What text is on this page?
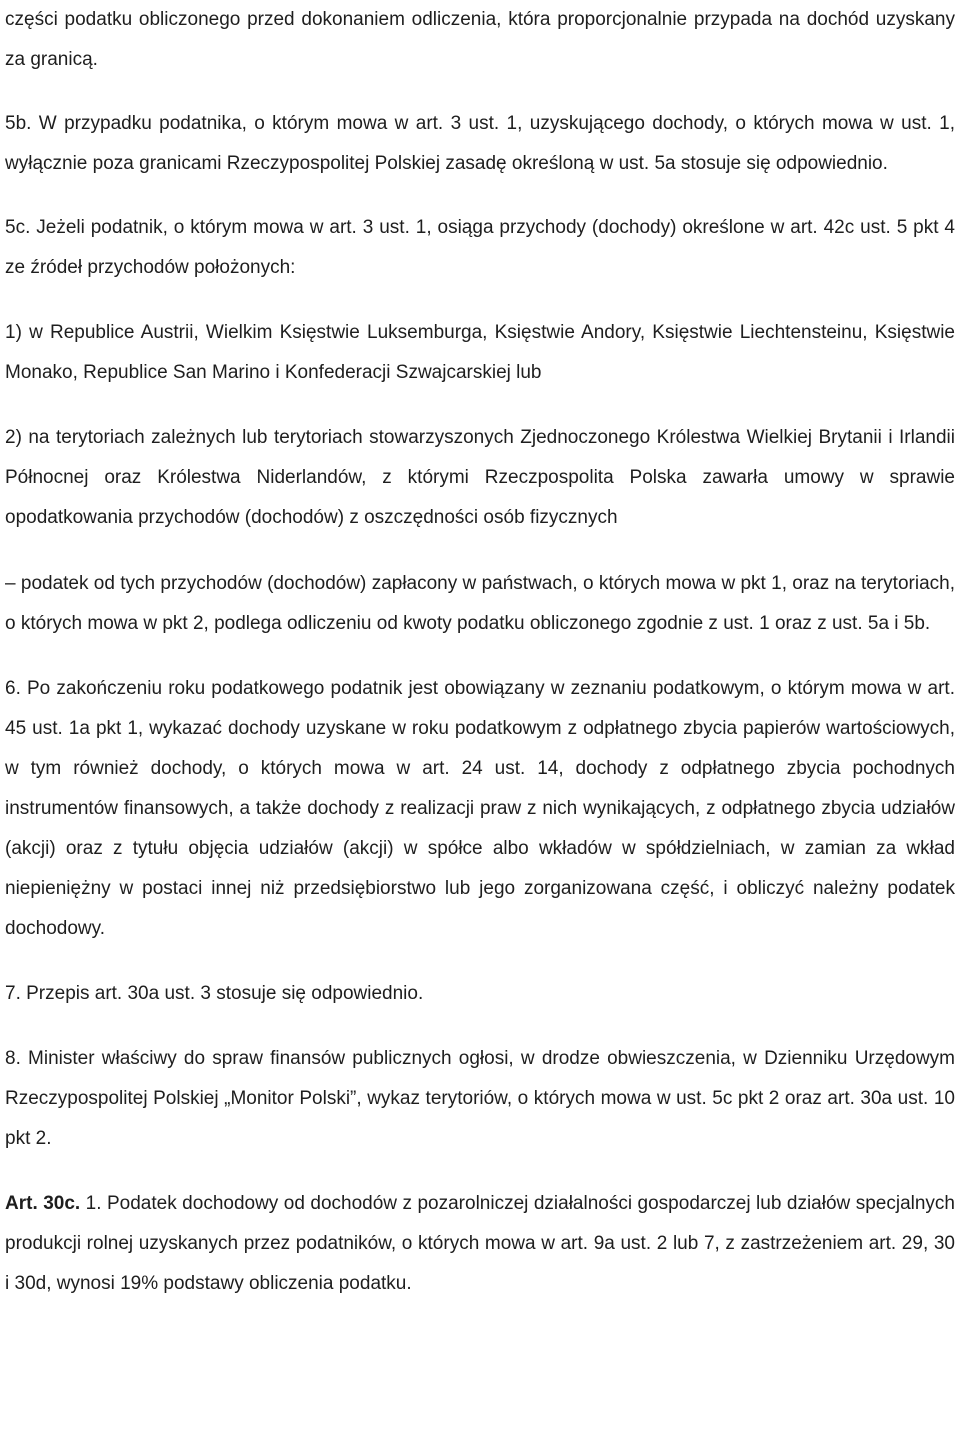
części podatku obliczonego przed dokonaniem odliczenia, która proporcjonalnie przypada na dochód uzyskany za granicą.

5b. W przypadku podatnika, o którym mowa w art. 3 ust. 1, uzyskującego dochody, o których mowa w ust. 1, wyłącznie poza granicami Rzeczypospolitej Polskiej zasadę określoną w ust. 5a stosuje się odpowiednio.

5c. Jeżeli podatnik, o którym mowa w art. 3 ust. 1, osiąga przychody (dochody) określone w art. 42c ust. 5 pkt 4 ze źródeł przychodów położonych:

1) w Republice Austrii, Wielkim Księstwie Luksemburga, Księstwie Andory, Księstwie Liechtensteinu, Księstwie Monako, Republice San Marino i Konfederacji Szwajcarskiej lub

2) na terytoriach zależnych lub terytoriach stowarzyszonych Zjednoczonego Królestwa Wielkiej Brytanii i Irlandii Północnej oraz Królestwa Niderlandów, z którymi Rzeczpospolita Polska zawarła umowy w sprawie opodatkowania przychodów (dochodów) z oszczędności osób fizycznych

– podatek od tych przychodów (dochodów) zapłacony w państwach, o których mowa w pkt 1, oraz na terytoriach, o których mowa w pkt 2, podlega odliczeniu od kwoty podatku obliczonego zgodnie z ust. 1 oraz z ust. 5a i 5b.

6. Po zakończeniu roku podatkowego podatnik jest obowiązany w zeznaniu podatkowym, o którym mowa w art. 45 ust. 1a pkt 1, wykazać dochody uzyskane w roku podatkowym z odpłatnego zbycia papierów wartościowych, w tym również dochody, o których mowa w art. 24 ust. 14, dochody z odpłatnego zbycia pochodnych instrumentów finansowych, a także dochody z realizacji praw z nich wynikających, z odpłatnego zbycia udziałów (akcji) oraz z tytułu objęcia udziałów (akcji) w spółce albo wkładów w spółdzielniach, w zamian za wkład niepieniężny w postaci innej niż przedsiębiorstwo lub jego zorganizowana część, i obliczyć należny podatek dochodowy.

7. Przepis art. 30a ust. 3 stosuje się odpowiednio.

8. Minister właściwy do spraw finansów publicznych ogłosi, w drodze obwieszczenia, w Dzienniku Urzędowym Rzeczypospolitej Polskiej „Monitor Polski”, wykaz terytoriów, o których mowa w ust. 5c pkt 2 oraz art. 30a ust. 10 pkt 2.

Art. 30c. 1. Podatek dochodowy od dochodów z pozarolniczej działalności gospodarczej lub działów specjalnych produkcji rolnej uzyskanych przez podatników, o których mowa w art. 9a ust. 2 lub 7, z zastrzeżeniem art. 29, 30 i 30d, wynosi 19% podstawy obliczenia podatku.
